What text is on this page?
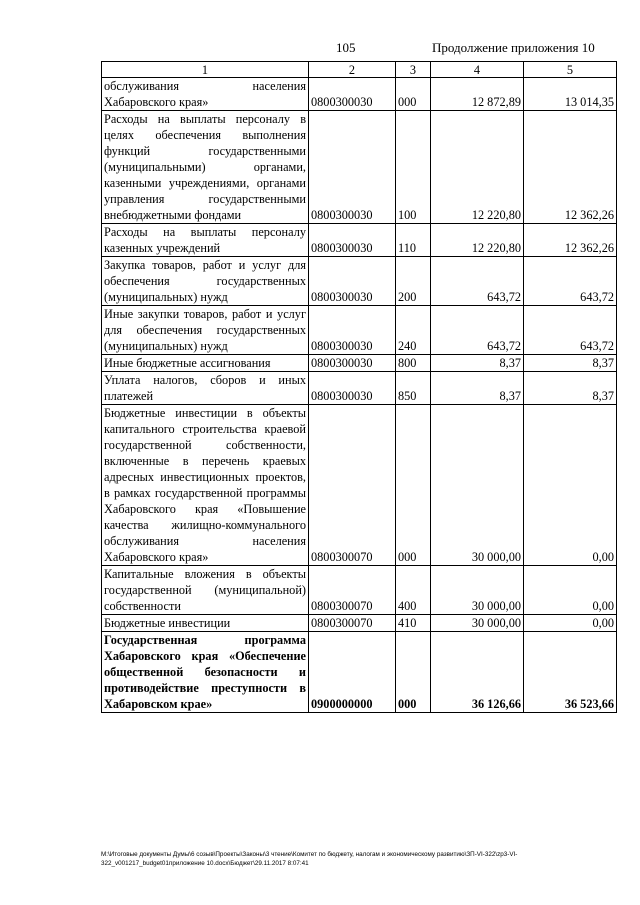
105	Продолжение приложения 10
1	2	3	4	5
обслуживания населения Хабаровского края»	0800300030	000	12 872,89	13 014,35
Расходы на выплаты персоналу в целях обеспечения выполнения функций государственными (муниципальными) органами, казенными учреждениями, органами управления государственными внебюджетными фондами	0800300030	100	12 220,80	12 362,26
Расходы на выплаты персоналу казенных учреждений	0800300030	110	12 220,80	12 362,26
Закупка товаров, работ и услуг для обеспечения государственных (муниципальных) нужд	0800300030	200	643,72	643,72
Иные закупки товаров, работ и услуг для обеспечения государственных (муниципальных) нужд	0800300030	240	643,72	643,72
Иные бюджетные ассигнования	0800300030	800	8,37	8,37
Уплата налогов, сборов и иных платежей	0800300030	850	8,37	8,37
Бюджетные инвестиции в объекты капитального строительства краевой государственной собственности, включенные в перечень краевых адресных инвестиционных проектов, в рамках государственной программы Хабаровского края «Повышение качества жилищно-коммунального обслуживания населения Хабаровского края»	0800300070	000	30 000,00	0,00
Капитальные вложения в объекты государственной (муниципальной) собственности	0800300070	400	30 000,00	0,00
Бюджетные инвестиции	0800300070	410	30 000,00	0,00
Государственная программа Хабаровского края «Обеспечение общественной безопасности и противодействие преступности в Хабаровском крае»	0900000000	000	36 126,66	36 523,66
M:\Итоговые документы Думы\6 созыв\Проекты\Законы\3 чтение\Комитет по бюджету, налогам и экономическому развитию\ЗП-VI-322\zp3-VI-322_v001217_budget01приложение 10.docx\Бюджет\29.11.2017 8:07:41
